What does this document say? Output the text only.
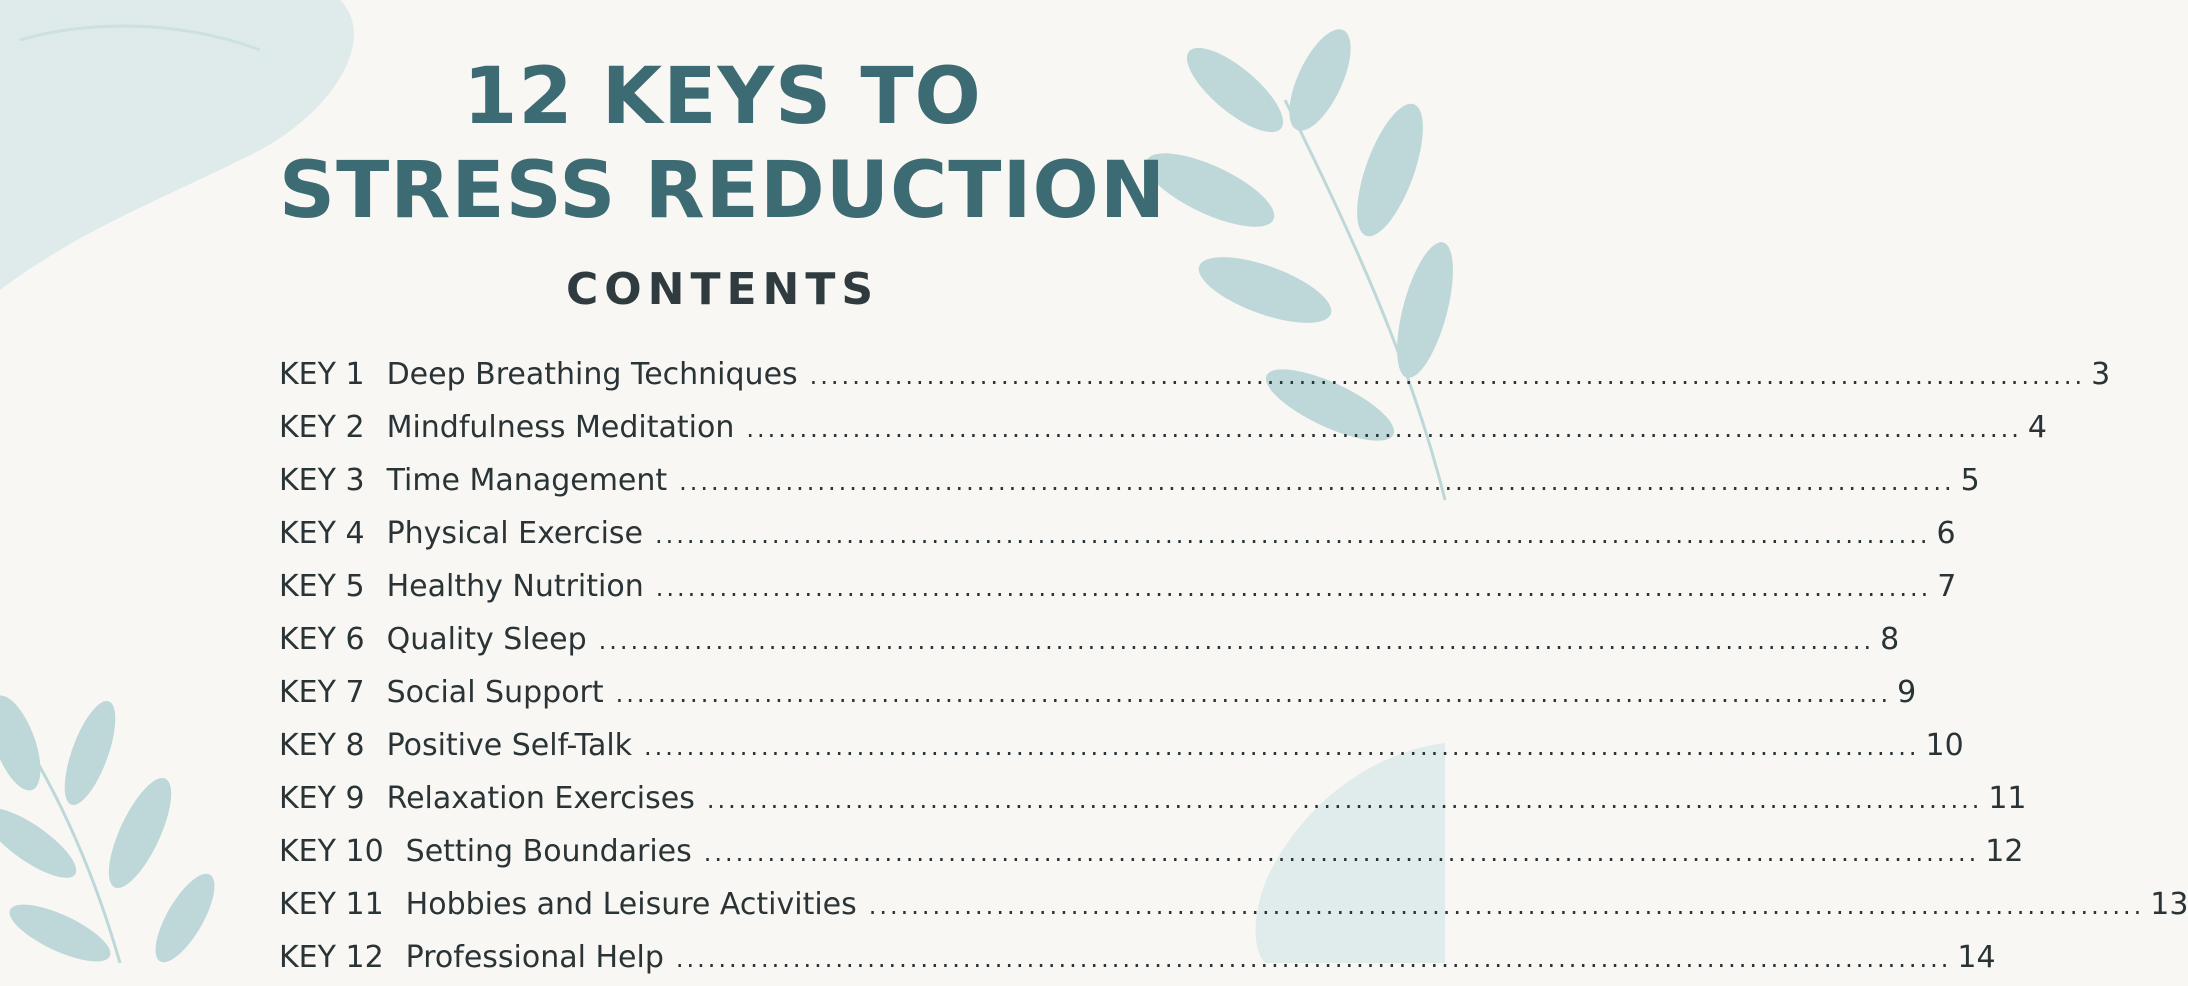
12 KEYS TO
STRESS REDUCTION
CONTENTS
KEY 1 Deep Breathing Techniques ........................................................................................................................ 3
KEY 2 Mindfulness Meditation ........................................................................................................................ 4
KEY 3 Time Management ........................................................................................................................ 5
KEY 4 Physical Exercise ........................................................................................................................ 6
KEY 5 Healthy Nutrition ........................................................................................................................ 7
KEY 6 Quality Sleep ........................................................................................................................ 8
KEY 7 Social Support ........................................................................................................................ 9
KEY 8 Positive Self-Talk ........................................................................................................................ 10
KEY 9 Relaxation Exercises ........................................................................................................................ 11
KEY 10 Setting Boundaries ........................................................................................................................ 12
KEY 11 Hobbies and Leisure Activities ........................................................................................................................ 13
KEY 12 Professional Help ........................................................................................................................ 14
